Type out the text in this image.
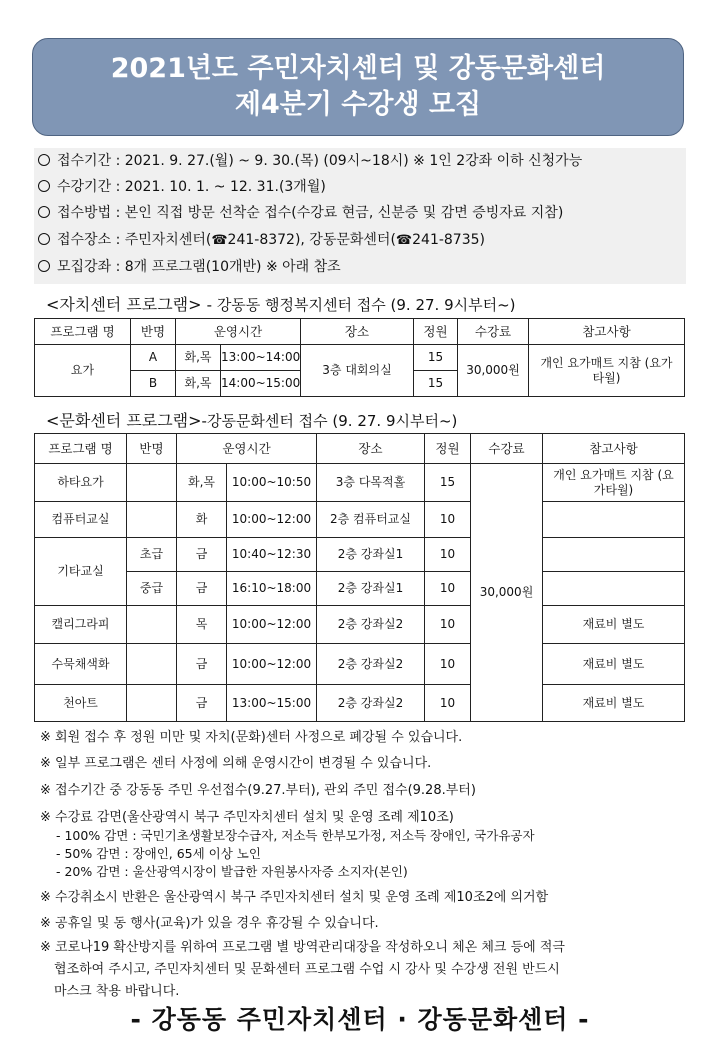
2021년도 주민자치센터 및 강동문화센터
제4분기 수강생 모집
접수기간 : 2021. 9. 27.(월) ~ 9. 30.(목) (09시~18시) ※ 1인 2강좌 이하 신청가능
수강기간 : 2021. 10. 1. ~ 12. 31.(3개월)
접수방법 : 본인 직접 방문 선착순 접수(수강료 현금, 신분증 및 감면 증빙자료 지참)
접수장소 : 주민자치센터(☎241-8372), 강동문화센터(☎241-8735)
모집강좌 : 8개 프로그램(10개반) ※ 아래 참조
<자치센터 프로그램> - 강동동 행정복지센터 접수 (9. 27. 9시부터~)
프로그램 명	반명	운영시간		장소	정원	수강료	참고사항
요가	A	화,목	13:00~14:00	3층 대회의실	15	30,000원	개인 요가매트 지참 (요가타월)
	B	화,목	14:00~15:00		15		
<문화센터 프로그램>-강동문화센터 접수 (9. 27. 9시부터~)
프로그램 명	반명	운영시간		장소	정원	수강료	참고사항
하타요가		화,목	10:00~10:50	3층 다목적홀	15	30,000원	개인 요가매트 지참 (요가타월)
컴퓨터교실		화	10:00~12:00	2층 컴퓨터교실	10		
기타교실	초급	금	10:40~12:30	2층 강좌실1	10		
	중급	금	16:10~18:00	2층 강좌실1	10		
캘리그라피		목	10:00~12:00	2층 강좌실2	10		재료비 별도
수묵채색화		금	10:00~12:00	2층 강좌실2	10		재료비 별도
천아트		금	13:00~15:00	2층 강좌실2	10		재료비 별도
※ 회원 접수 후 정원 미만 및 자치(문화)센터 사정으로 폐강될 수 있습니다.
※ 일부 프로그램은 센터 사정에 의해 운영시간이 변경될 수 있습니다.
※ 접수기간 중 강동동 주민 우선접수(9.27.부터), 관외 주민 접수(9.28.부터)
※ 수강료 감면(울산광역시 북구 주민자치센터 설치 및 운영 조례 제10조)
- 100% 감면 : 국민기초생활보장수급자, 저소득 한부모가정, 저소득 장애인, 국가유공자
- 50% 감면 : 장애인, 65세 이상 노인
- 20% 감면 : 울산광역시장이 발급한 자원봉사자증 소지자(본인)
※ 수강취소시 반환은 울산광역시 북구 주민자치센터 설치 및 운영 조례 제10조2에 의거함
※ 공휴일 및 동 행사(교육)가 있을 경우 휴강될 수 있습니다.
※ 코로나19 확산방지를 위하여 프로그램 별 방역관리대장을 작성하오니 체온 체크 등에 적극
협조하여 주시고, 주민자치센터 및 문화센터 프로그램 수업 시 강사 및 수강생 전원 반드시
마스크 착용 바랍니다.
- 강동동 주민자치센터 · 강동문화센터 -
